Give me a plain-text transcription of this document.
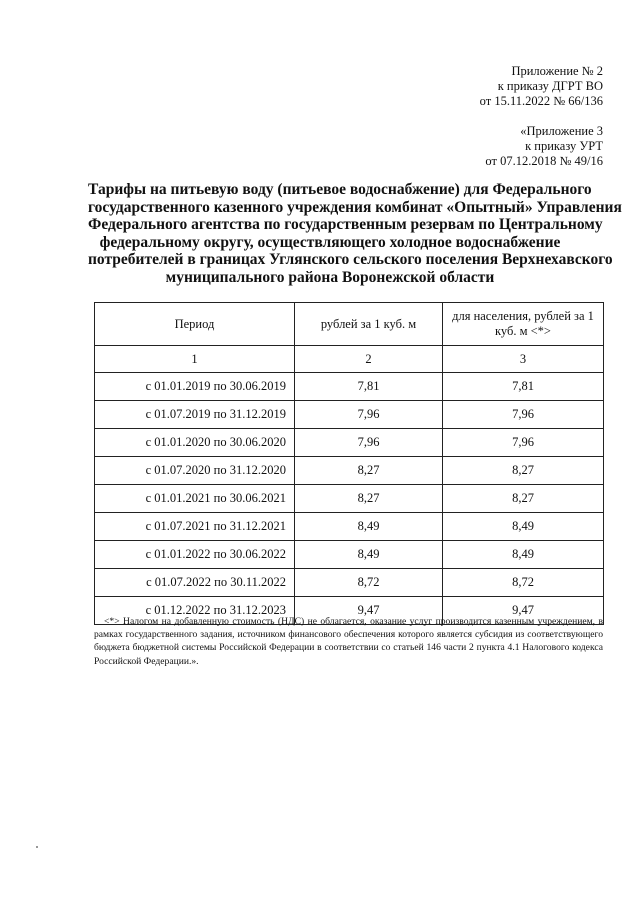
Приложение № 2
к приказу ДГРТ ВО
от 15.11.2022 № 66/136
«Приложение 3
к приказу УРТ
от 07.12.2018 № 49/16
Тарифы на питьевую воду (питьевое водоснабжение) для Федерального
государственного казенного учреждения комбинат «Опытный» Управления
Федерального агентства по государственным резервам по Центральному
федеральному округу, осуществляющего холодное водоснабжение
потребителей в границах Углянского сельского поселения Верхнехавского
муниципального района Воронежской области
Период	рублей за 1 куб. м	для населения, рублей за 1 куб. м <*>
1	2	3
с 01.01.2019 по 30.06.2019	7,81	7,81
с 01.07.2019 по 31.12.2019	7,96	7,96
с 01.01.2020 по 30.06.2020	7,96	7,96
с 01.07.2020 по 31.12.2020	8,27	8,27
с 01.01.2021 по 30.06.2021	8,27	8,27
с 01.07.2021 по 31.12.2021	8,49	8,49
с 01.01.2022 по 30.06.2022	8,49	8,49
с 01.07.2022 по 30.11.2022	8,72	8,72
с 01.12.2022 по 31.12.2023	9,47	9,47

<*> Налогом на добавленную стоимость (НДС) не облагается, оказание услуг производится казенным учреждением, в рамках государственного задания, источником финансового обеспечения которого является субсидия из соответствующего бюджета бюджетной системы Российской Федерации в соответствии со статьей 146 части 2 пункта 4.1 Налогового кодекса Российской Федерации.».
